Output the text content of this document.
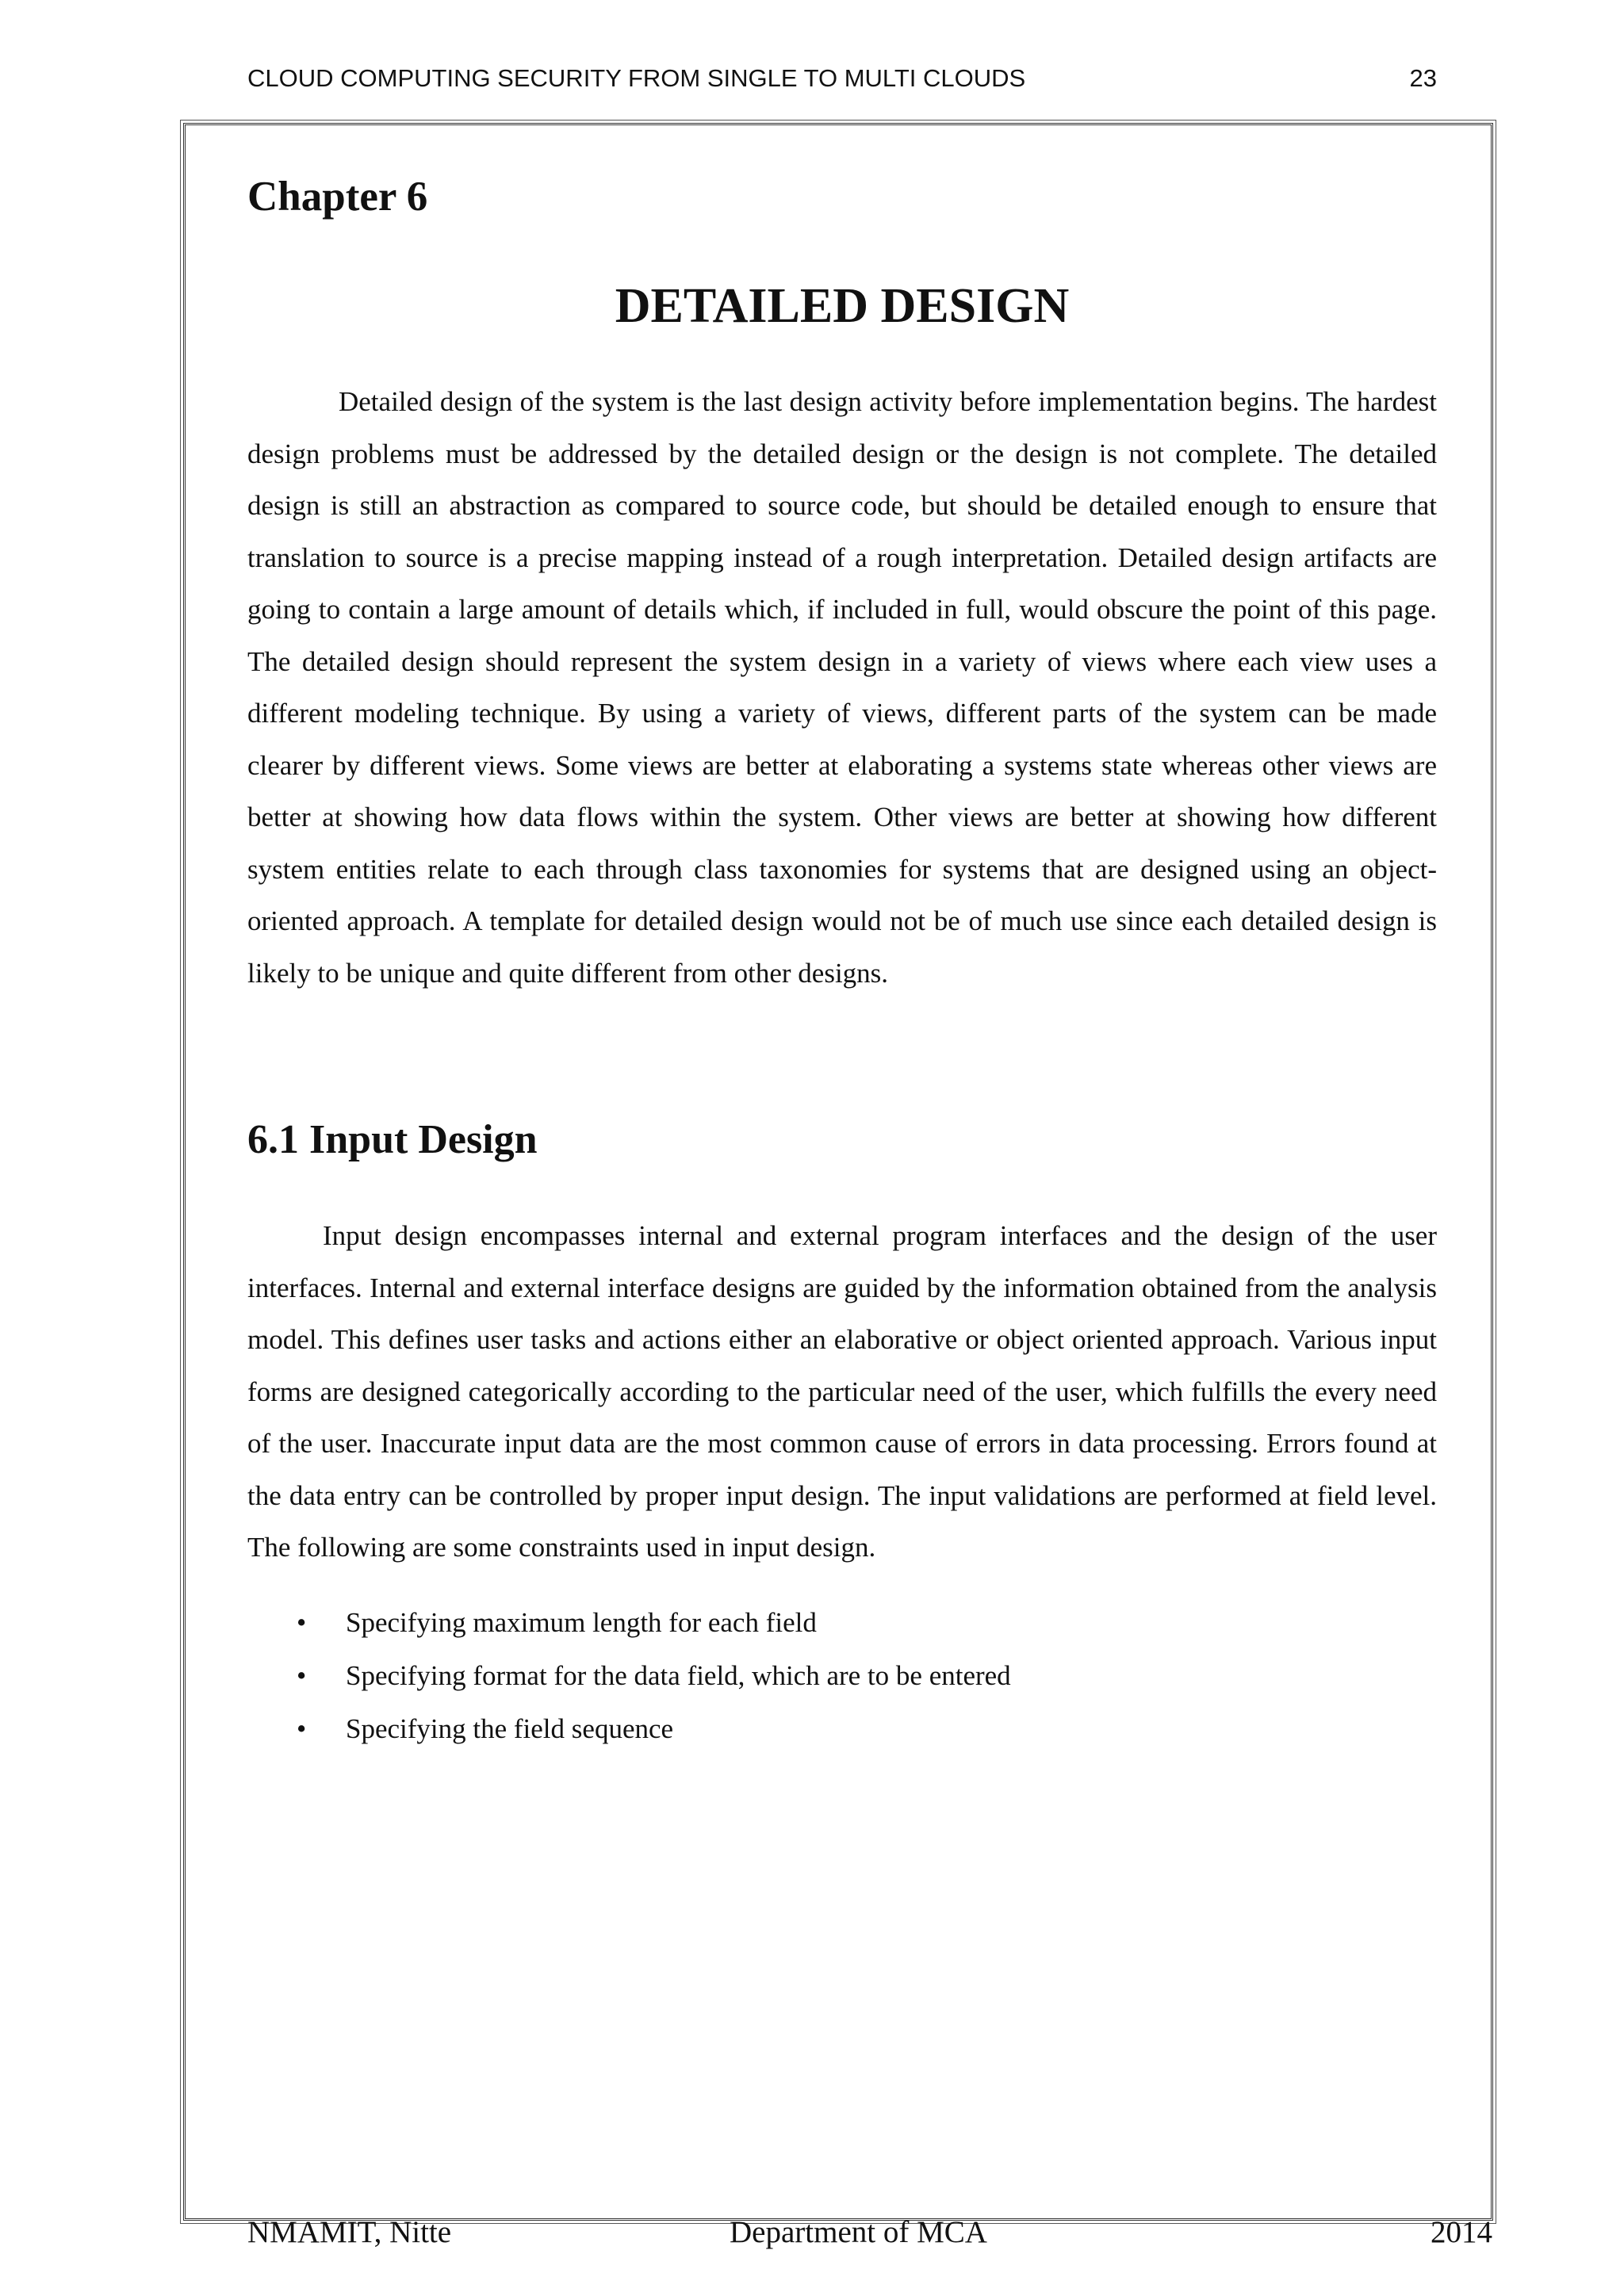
CLOUD COMPUTING SECURITY FROM SINGLE TO MULTI CLOUDS	23
Chapter 6
DETAILED DESIGN

Detailed design of the system is the last design activity before implementation begins. The hardest design problems must be addressed by the detailed design or the design is not complete. The detailed design is still an abstraction as compared to source code, but should be detailed enough to ensure that translation to source is a precise mapping instead of a rough interpretation. Detailed design artifacts are going to contain a large amount of details which, if included in full, would obscure the point of this page. The detailed design should represent the system design in a variety of views where each view uses a different modeling technique. By using a variety of views, different parts of the system can be made clearer by different views. Some views are better at elaborating a systems state whereas other views are better at showing how data flows within the system. Other views are better at showing how different system entities relate to each through class taxonomies for systems that are designed using an object-oriented approach. A template for detailed design would not be of much use since each detailed design is likely to be unique and quite different from other designs.

6.1 Input Design

Input design encompasses internal and external program interfaces and the design of the user interfaces. Internal and external interface designs are guided by the information obtained from the analysis model. This defines user tasks and actions either an elaborative or object oriented approach. Various input forms are designed categorically according to the particular need of the user, which fulfills the every need of the user. Inaccurate input data are the most common cause of errors in data processing. Errors found at the data entry can be controlled by proper input design. The input validations are performed at field level. The following are some constraints used in input design.

• Specifying maximum length for each field
• Specifying format for the data field, which are to be entered
• Specifying the field sequence
NMAMIT, Nitte	Department of MCA	2014
